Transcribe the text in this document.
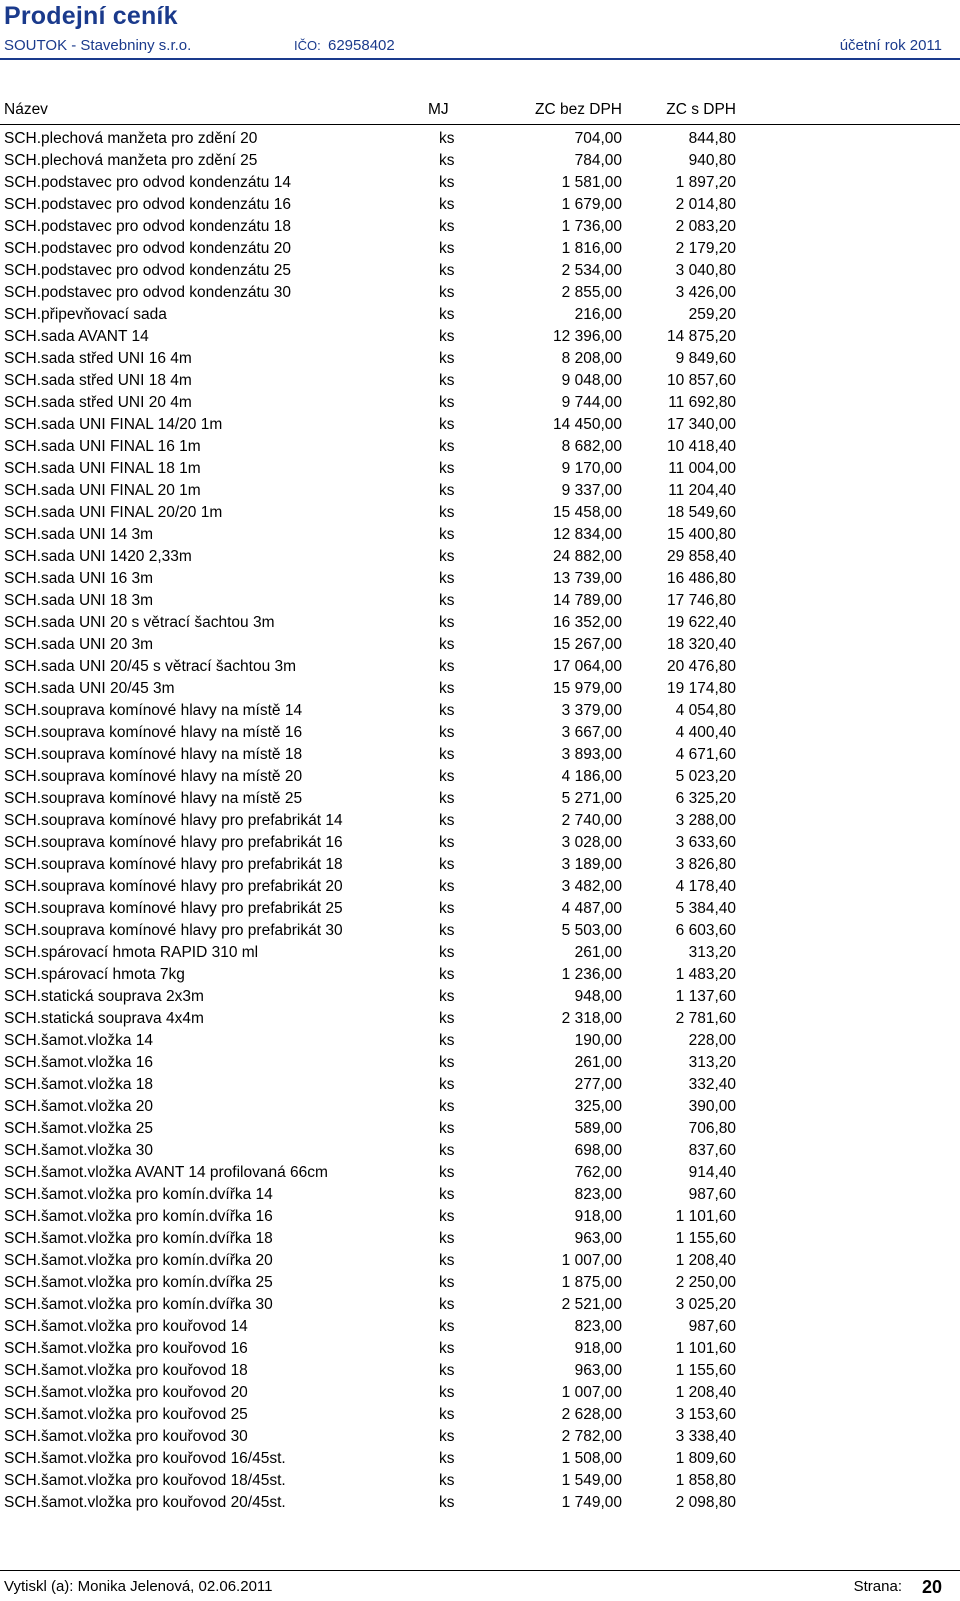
Prodejní ceník
SOUTOK - Stavebniny s.r.o.	IČO: 62958402	účetní rok 2011
Název	MJ	ZC bez DPH	ZC s DPH
SCH.plechová manžeta pro zdění 20	ks	704,00	844,80
SCH.plechová manžeta pro zdění 25	ks	784,00	940,80
SCH.podstavec pro odvod kondenzátu 14	ks	1 581,00	1 897,20
SCH.podstavec pro odvod kondenzátu 16	ks	1 679,00	2 014,80
SCH.podstavec pro odvod kondenzátu 18	ks	1 736,00	2 083,20
SCH.podstavec pro odvod kondenzátu 20	ks	1 816,00	2 179,20
SCH.podstavec pro odvod kondenzátu 25	ks	2 534,00	3 040,80
SCH.podstavec pro odvod kondenzátu 30	ks	2 855,00	3 426,00
SCH.připevňovací sada	ks	216,00	259,20
SCH.sada AVANT 14	ks	12 396,00	14 875,20
SCH.sada střed UNI 16 4m	ks	8 208,00	9 849,60
SCH.sada střed UNI 18 4m	ks	9 048,00	10 857,60
SCH.sada střed UNI 20 4m	ks	9 744,00	11 692,80
SCH.sada UNI FINAL 14/20 1m	ks	14 450,00	17 340,00
SCH.sada UNI FINAL 16 1m	ks	8 682,00	10 418,40
SCH.sada UNI FINAL 18 1m	ks	9 170,00	11 004,00
SCH.sada UNI FINAL 20 1m	ks	9 337,00	11 204,40
SCH.sada UNI FINAL 20/20 1m	ks	15 458,00	18 549,60
SCH.sada UNI 14 3m	ks	12 834,00	15 400,80
SCH.sada UNI 1420 2,33m	ks	24 882,00	29 858,40
SCH.sada UNI 16 3m	ks	13 739,00	16 486,80
SCH.sada UNI 18 3m	ks	14 789,00	17 746,80
SCH.sada UNI 20 s větrací šachtou 3m	ks	16 352,00	19 622,40
SCH.sada UNI 20 3m	ks	15 267,00	18 320,40
SCH.sada UNI 20/45 s větrací šachtou 3m	ks	17 064,00	20 476,80
SCH.sada UNI 20/45 3m	ks	15 979,00	19 174,80
SCH.souprava komínové hlavy na místě 14	ks	3 379,00	4 054,80
SCH.souprava komínové hlavy na místě 16	ks	3 667,00	4 400,40
SCH.souprava komínové hlavy na místě 18	ks	3 893,00	4 671,60
SCH.souprava komínové hlavy na místě 20	ks	4 186,00	5 023,20
SCH.souprava komínové hlavy na místě 25	ks	5 271,00	6 325,20
SCH.souprava komínové hlavy pro prefabrikát 14	ks	2 740,00	3 288,00
SCH.souprava komínové hlavy pro prefabrikát 16	ks	3 028,00	3 633,60
SCH.souprava komínové hlavy pro prefabrikát 18	ks	3 189,00	3 826,80
SCH.souprava komínové hlavy pro prefabrikát 20	ks	3 482,00	4 178,40
SCH.souprava komínové hlavy pro prefabrikát 25	ks	4 487,00	5 384,40
SCH.souprava komínové hlavy pro prefabrikát 30	ks	5 503,00	6 603,60
SCH.spárovací hmota RAPID 310 ml	ks	261,00	313,20
SCH.spárovací hmota 7kg	ks	1 236,00	1 483,20
SCH.statická souprava 2x3m	ks	948,00	1 137,60
SCH.statická souprava 4x4m	ks	2 318,00	2 781,60
SCH.šamot.vložka 14	ks	190,00	228,00
SCH.šamot.vložka 16	ks	261,00	313,20
SCH.šamot.vložka 18	ks	277,00	332,40
SCH.šamot.vložka 20	ks	325,00	390,00
SCH.šamot.vložka 25	ks	589,00	706,80
SCH.šamot.vložka 30	ks	698,00	837,60
SCH.šamot.vložka AVANT 14 profilovaná 66cm	ks	762,00	914,40
SCH.šamot.vložka pro komín.dvířka 14	ks	823,00	987,60
SCH.šamot.vložka pro komín.dvířka 16	ks	918,00	1 101,60
SCH.šamot.vložka pro komín.dvířka 18	ks	963,00	1 155,60
SCH.šamot.vložka pro komín.dvířka 20	ks	1 007,00	1 208,40
SCH.šamot.vložka pro komín.dvířka 25	ks	1 875,00	2 250,00
SCH.šamot.vložka pro komín.dvířka 30	ks	2 521,00	3 025,20
SCH.šamot.vložka pro kouřovod 14	ks	823,00	987,60
SCH.šamot.vložka pro kouřovod 16	ks	918,00	1 101,60
SCH.šamot.vložka pro kouřovod 18	ks	963,00	1 155,60
SCH.šamot.vložka pro kouřovod 20	ks	1 007,00	1 208,40
SCH.šamot.vložka pro kouřovod 25	ks	2 628,00	3 153,60
SCH.šamot.vložka pro kouřovod 30	ks	2 782,00	3 338,40
SCH.šamot.vložka pro kouřovod 16/45st.	ks	1 508,00	1 809,60
SCH.šamot.vložka pro kouřovod 18/45st.	ks	1 549,00	1 858,80
SCH.šamot.vložka pro kouřovod 20/45st.	ks	1 749,00	2 098,80
Vytiskl (a): Monika Jelenová, 02.06.2011	Strana: 20
